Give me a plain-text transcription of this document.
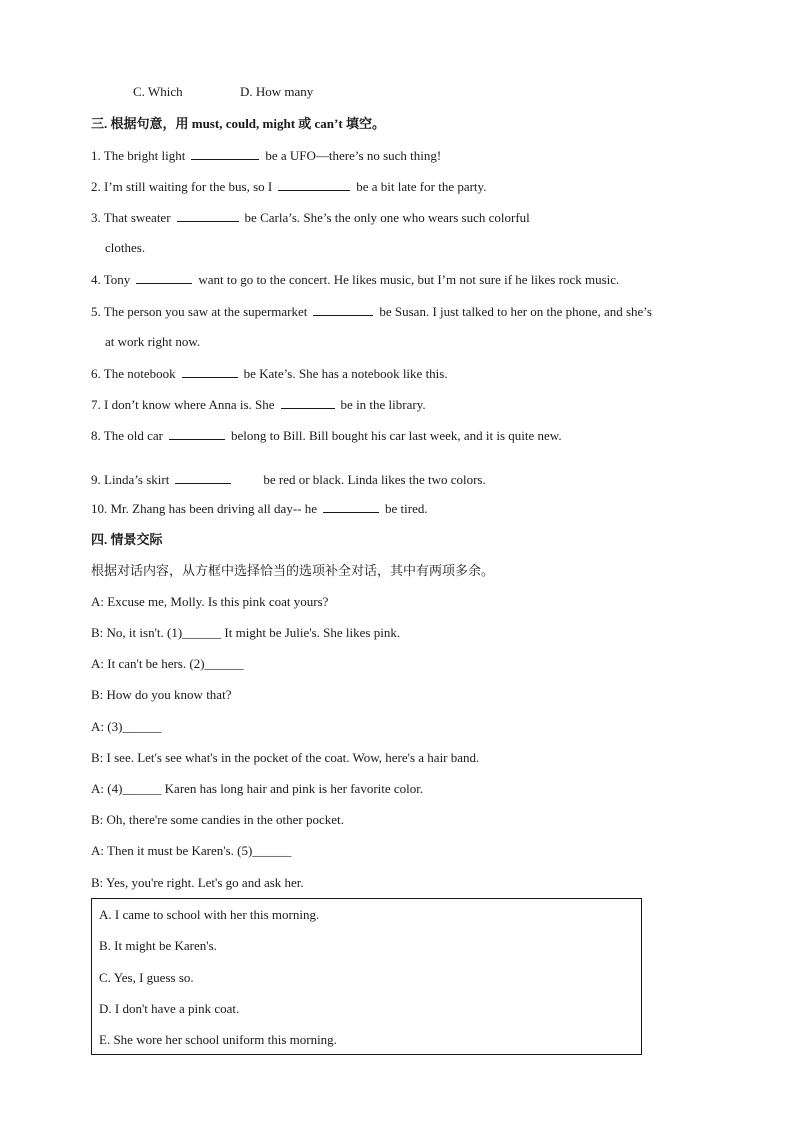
C. Which	D. How many
三. 根据句意，用 must, could, might 或 can’t 填空。
1. The bright light	be a UFO—there’s no such thing!
2. I’m still waiting for the bus, so I	be a bit late for the party.
3. That sweater	be Carla’s. She’s the only one who wears such colorful
clothes.
4. Tony	want to go to the concert. He likes music, but I’m not sure if he likes rock music.
5. The person you saw at the supermarket	be Susan. I just talked to her on the phone, and she’s
at work right now.
6. The notebook	be Kate’s. She has a notebook like this.
7. I don’t know where Anna is. She	be in the library.
8. The old car	belong to Bill. Bill bought his car last week, and it is quite new.
9. Linda’s skirt	be red or black. Linda likes the two colors.
10. Mr. Zhang has been driving all day-- he	be tired.
四. 情景交际
根据对话内容，从方框中选择恰当的选项补全对话，其中有两项多余。
A: Excuse me, Molly. Is this pink coat yours?
B: No, it isn't. (1)______ It might be Julie's. She likes pink.
A: It can't be hers. (2)______
B: How do you know that?
A: (3)______
B: I see. Let's see what's in the pocket of the coat. Wow, here's a hair band.
A: (4)______ Karen has long hair and pink is her favorite color.
B: Oh, there're some candies in the other pocket.
A: Then it must be Karen's. (5)______
B: Yes, you're right. Let's go and ask her.
A. I came to school with her this morning.
B. It might be Karen's.
C. Yes, I guess so.
D. I don't have a pink coat.
E. She wore her school uniform this morning.
